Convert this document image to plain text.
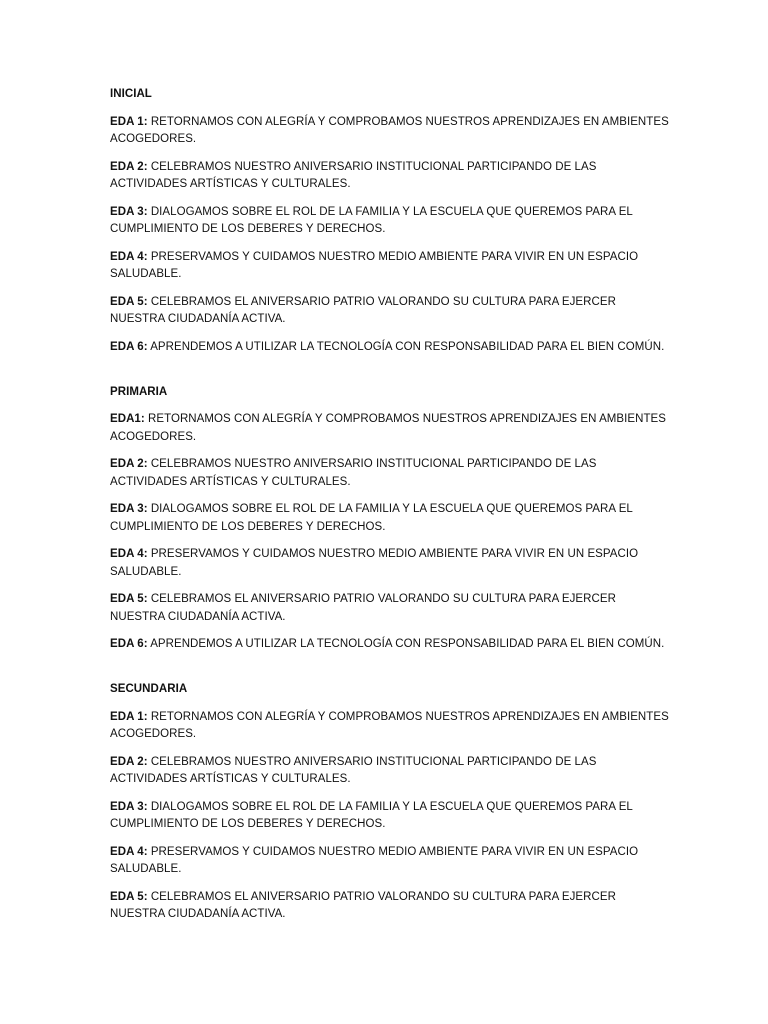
INICIAL
EDA 1: RETORNAMOS CON ALEGRÍA Y COMPROBAMOS NUESTROS APRENDIZAJES EN AMBIENTES ACOGEDORES.
EDA 2: CELEBRAMOS NUESTRO ANIVERSARIO INSTITUCIONAL PARTICIPANDO DE LAS ACTIVIDADES ARTÍSTICAS Y CULTURALES.
EDA 3: DIALOGAMOS SOBRE EL ROL DE LA FAMILIA Y LA ESCUELA QUE QUEREMOS PARA EL CUMPLIMIENTO DE LOS DEBERES Y DERECHOS.
EDA 4: PRESERVAMOS Y CUIDAMOS NUESTRO MEDIO AMBIENTE PARA VIVIR EN UN ESPACIO SALUDABLE.
EDA 5: CELEBRAMOS EL ANIVERSARIO PATRIO VALORANDO SU CULTURA PARA EJERCER NUESTRA CIUDADANÍA ACTIVA.
EDA 6: APRENDEMOS A UTILIZAR LA TECNOLOGÍA CON RESPONSABILIDAD PARA EL BIEN COMÚN.
PRIMARIA
EDA1: RETORNAMOS CON ALEGRÍA Y COMPROBAMOS NUESTROS APRENDIZAJES EN AMBIENTES ACOGEDORES.
EDA 2: CELEBRAMOS NUESTRO ANIVERSARIO INSTITUCIONAL PARTICIPANDO DE LAS ACTIVIDADES ARTÍSTICAS Y CULTURALES.
EDA 3: DIALOGAMOS SOBRE EL ROL DE LA FAMILIA Y LA ESCUELA QUE QUEREMOS PARA EL CUMPLIMIENTO DE LOS DEBERES Y DERECHOS.
EDA 4: PRESERVAMOS Y CUIDAMOS NUESTRO MEDIO AMBIENTE PARA VIVIR EN UN ESPACIO SALUDABLE.
EDA 5: CELEBRAMOS EL ANIVERSARIO PATRIO VALORANDO SU CULTURA PARA EJERCER NUESTRA CIUDADANÍA ACTIVA.
EDA 6: APRENDEMOS A UTILIZAR LA TECNOLOGÍA CON RESPONSABILIDAD PARA EL BIEN COMÚN.
SECUNDARIA
EDA 1: RETORNAMOS CON ALEGRÍA Y COMPROBAMOS NUESTROS APRENDIZAJES EN AMBIENTES ACOGEDORES.
EDA 2: CELEBRAMOS NUESTRO ANIVERSARIO INSTITUCIONAL PARTICIPANDO DE LAS ACTIVIDADES ARTÍSTICAS Y CULTURALES.
EDA 3: DIALOGAMOS SOBRE EL ROL DE LA FAMILIA Y LA ESCUELA QUE QUEREMOS PARA EL CUMPLIMIENTO DE LOS DEBERES Y DERECHOS.
EDA 4: PRESERVAMOS Y CUIDAMOS NUESTRO MEDIO AMBIENTE PARA VIVIR EN UN ESPACIO SALUDABLE.
EDA 5: CELEBRAMOS EL ANIVERSARIO PATRIO VALORANDO SU CULTURA PARA EJERCER NUESTRA CIUDADANÍA ACTIVA.
